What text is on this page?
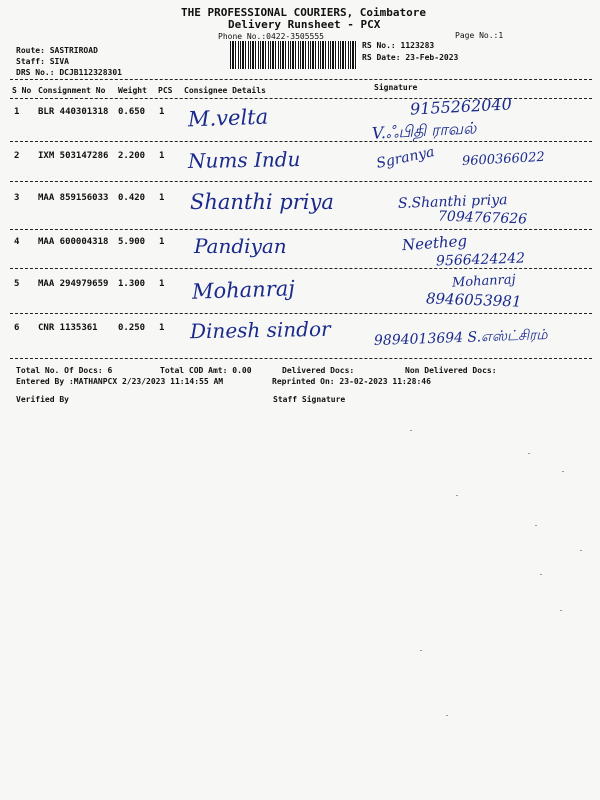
THE PROFESSIONAL COURIERS, Coimbatore
Delivery Runsheet - PCX
Phone No.:0422-3505555	Page No.:1
Route: SASTRIROAD
Staff: SIVA
DRS No.: DCJB112328301
RS No.: 1123283
RS Date: 23-Feb-2023
S No Consignment No Weight PCS Consignee Details	Signature
1 BLR 440301318 0.650 1 M.velta	9155262040
V.ஃபிதி ராவல்
2 IXM 503147286 2.200 1 Nums Indu	Sgranya 9600366022
3 MAA 859156033 0.420 1 Shanthi priya	S.Shanthi priya
7094767626
4 MAA 600004318 5.900 1 Pandiyan	Neetheg
9566424242
5 MAA 294979659 1.300 1 Mohanraj	Mohanraj
8946053981
6 CNR 1135361 0.250 1 Dinesh sindor	9894013694 S.எஸ்ட்சிரம்
Total No. Of Docs: 6	Total COD Amt: 0.00	Delivered Docs:	Non Delivered Docs:
Entered By :MATHANPCX 2/23/2023 11:14:55 AM	Reprinted On: 23-02-2023 11:28:46
Verified By	Staff Signature
